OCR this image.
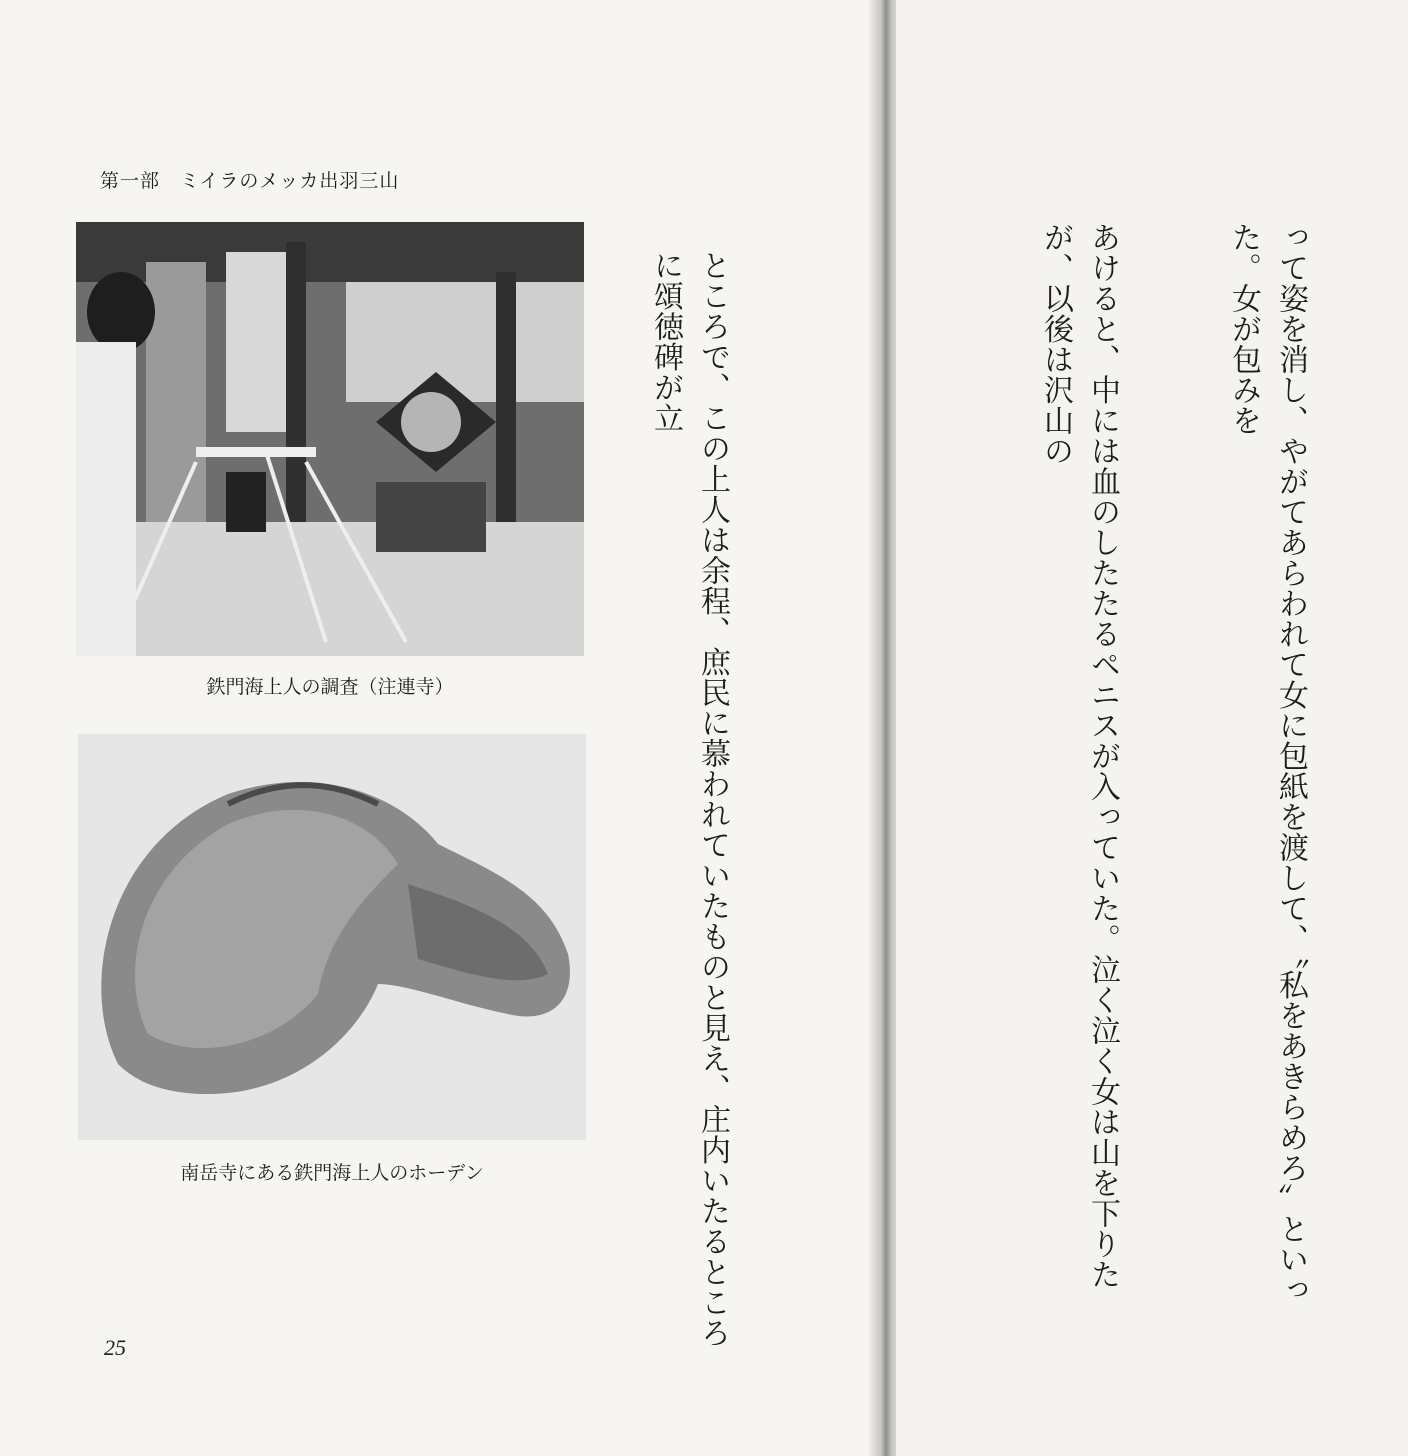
第一部　ミイラのメッカ出羽三山
鉄門海上人の調査（注連寺）
南岳寺にある鉄門海上人のホーデン

	ところで、この上人は余程、庶民に慕われていたものと見え、庄内いたるところに頌徳碑が立

25

って姿を消し、やがてあらわれて女に包紙を渡して、〝私をあきらめろ〟といった。女が包みを

あけると、中には血のしたたるペニスが入っていた。泣く泣く女は山を下りたが、以後は沢山の
